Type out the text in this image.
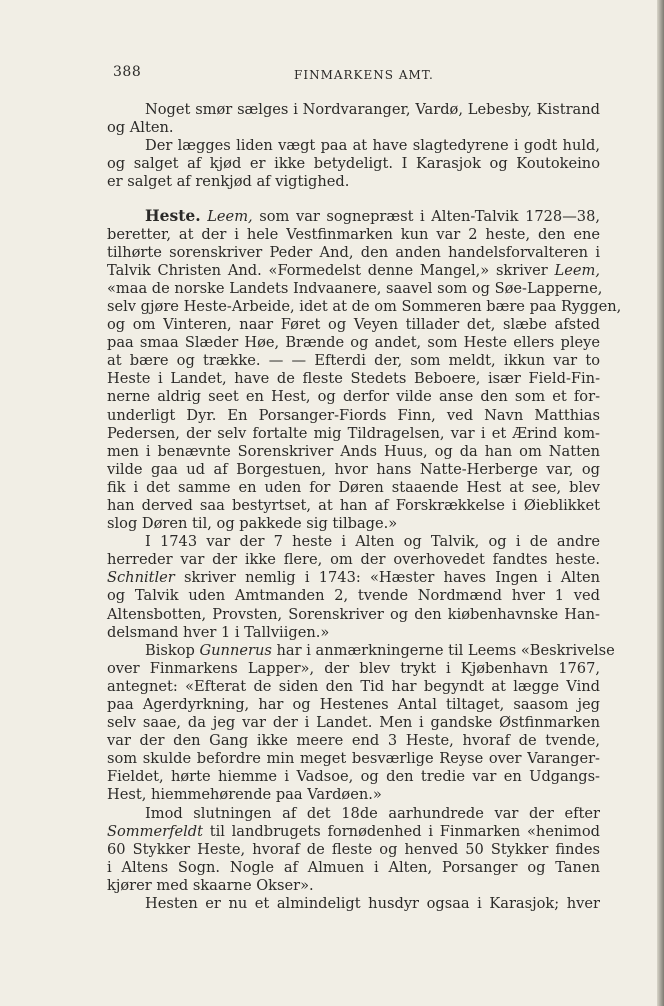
388	FINMARKENS AMT.
Noget smør sælges i Nordvaranger, Vardø, Lebesby, Kistrand
og Alten.
Der lægges liden vægt paa at have slagtedyrene i godt huld,
og salget af kjød er ikke betydeligt. I Karasjok og Koutokeino
er salget af renkjød af vigtighed.
Heste. Leem, som var sognepræst i Alten-Talvik 1728—38,
beretter, at der i hele Vestfinmarken kun var 2 heste, den ene
tilhørte sorenskriver Peder And, den anden handelsforvalteren i
Talvik Christen And. «Formedelst denne Mangel,» skriver Leem,
«maa de norske Landets Indvaanere, saavel som og Søe-Lapperne,
selv gjøre Heste-Arbeide, idet at de om Sommeren bære paa Ryggen,
og om Vinteren, naar Føret og Veyen tillader det, slæbe afsted
paa smaa Slæder Høe, Brænde og andet, som Heste ellers pleye
at bære og trække. — — Efterdi der, som meldt, ikkun var to
Heste i Landet, have de fleste Stedets Beboere, især Field-Fin-
nerne aldrig seet en Hest, og derfor vilde anse den som et for-
underligt Dyr. En Porsanger-Fiords Finn, ved Navn Matthias
Pedersen, der selv fortalte mig Tildragelsen, var i et Ærind kom-
men i benævnte Sorenskriver Ands Huus, og da han om Natten
vilde gaa ud af Borgestuen, hvor hans Natte-Herberge var, og
fik i det samme en uden for Døren staaende Hest at see, blev
han derved saa bestyrtset, at han af Forskrækkelse i Øieblikket
slog Døren til, og pakkede sig tilbage.»
I 1743 var der 7 heste i Alten og Talvik, og i de andre
herreder var der ikke flere, om der overhovedet fandtes heste.
Schnitler skriver nemlig i 1743: «Hæster haves Ingen i Alten
og Talvik uden Amtmanden 2, tvende Nordmænd hver 1 ved
Altensbotten, Provsten, Sorenskriver og den kiøbenhavnske Han-
delsmand hver 1 i Tallviigen.»
Biskop Gunnerus har i anmærkningerne til Leems «Beskrivelse
over Finmarkens Lapper», der blev trykt i Kjøbenhavn 1767,
antegnet: «Efterat de siden den Tid har begyndt at lægge Vind
paa Agerdyrkning, har og Hestenes Antal tiltaget, saasom jeg
selv saae, da jeg var der i Landet. Men i gandske Østfinmarken
var der den Gang ikke meere end 3 Heste, hvoraf de tvende,
som skulde befordre min meget besværlige Reyse over Varanger-
Fieldet, hørte hiemme i Vadsoe, og den tredie var en Udgangs-
Hest, hiemmehørende paa Vardøen.»
Imod slutningen af det 18de aarhundrede var der efter
Sommerfeldt til landbrugets fornødenhed i Finmarken «henimod
60 Stykker Heste, hvoraf de fleste og henved 50 Stykker findes
i Altens Sogn. Nogle af Almuen i Alten, Porsanger og Tanen
kjører med skaarne Okser».
Hesten er nu et almindeligt husdyr ogsaa i Karasjok; hver
